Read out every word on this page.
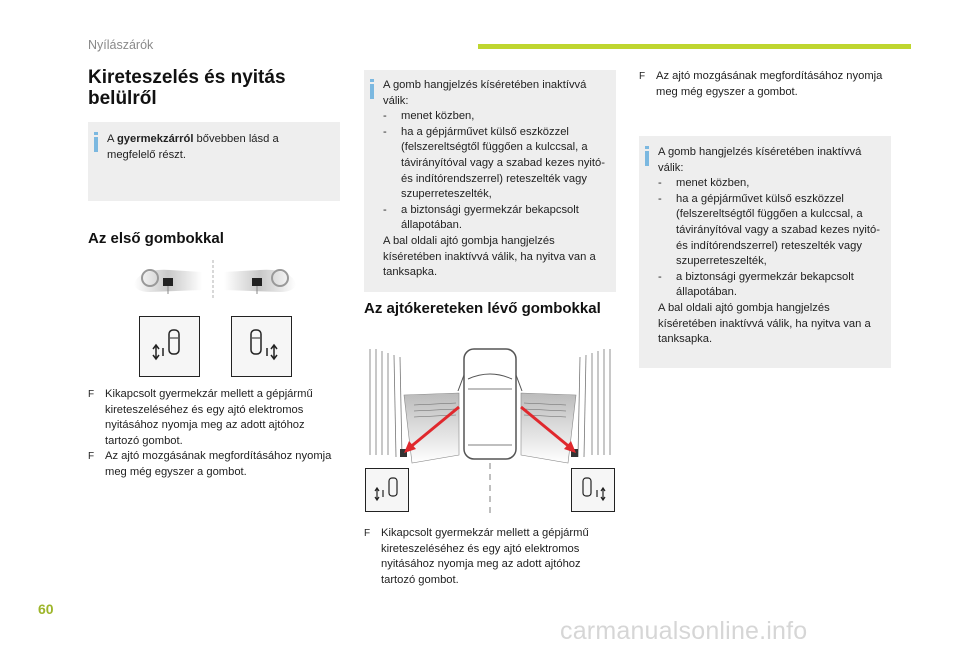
Nyílászárók
Kireteszelés és nyitás belülről
A gyermekzárról bővebben lásd a megfelelő részt.
Az első gombokkal
F Kikapcsolt gyermekzár mellett a gépjármű kireteszeléséhez és egy ajtó elektromos nyitásához nyomja meg az adott ajtóhoz tartozó gombot.
F Az ajtó mozgásának megfordításához nyomja meg még egyszer a gombot.
A gomb hangjelzés kíséretében inaktívvá válik:
- menet közben,
- ha a gépjárművet külső eszközzel (felszereltségtől függően a kulccsal, a távirányítóval vagy a szabad kezes nyitó- és indítórendszerrel) reteszelték vagy szuperreteszelték,
- a biztonsági gyermekzár bekapcsolt állapotában.
A bal oldali ajtó gombja hangjelzés kíséretében inaktívvá válik, ha nyitva van a tanksapka.
Az ajtókereteken lévő gombokkal
F Kikapcsolt gyermekzár mellett a gépjármű kireteszeléséhez és egy ajtó elektromos nyitásához nyomja meg az adott ajtóhoz tartozó gombot.
F Az ajtó mozgásának megfordításához nyomja meg még egyszer a gombot.
A gomb hangjelzés kíséretében inaktívvá válik:
- menet közben,
- ha a gépjárművet külső eszközzel (felszereltségtől függően a kulccsal, a távirányítóval vagy a szabad kezes nyitó- és indítórendszerrel) reteszelték vagy szuperreteszelték,
- a biztonsági gyermekzár bekapcsolt állapotában.
A bal oldali ajtó gombja hangjelzés kíséretében inaktívvá válik, ha nyitva van a tanksapka.
60
carmanualsonline.info
